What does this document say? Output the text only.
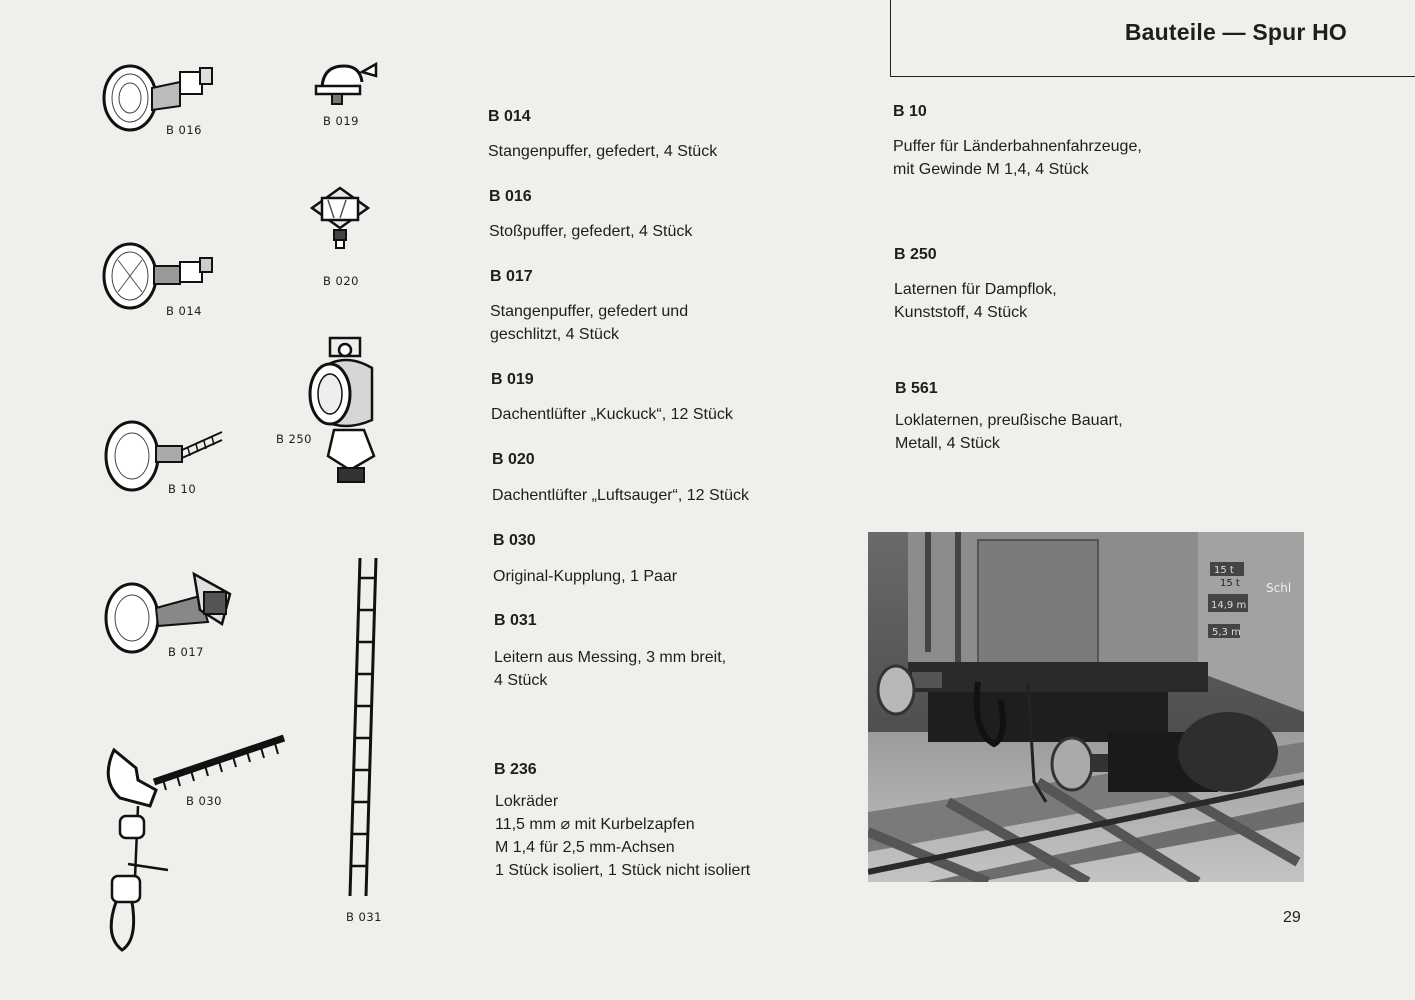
Bauteile — Spur HO
B 016
B 019
B 020
B 014
B 250
B 10
B 017
B 030
B 031
B 014
Stangenpuffer, gefedert, 4 Stück
B 016
Stoßpuffer, gefedert, 4 Stück
B 017
Stangenpuffer, gefedert und
geschlitzt, 4 Stück
B 019
Dachentlüfter „Kuckuck“, 12 Stück
B 020
Dachentlüfter „Luftsauger“, 12 Stück
B 030
Original-Kupplung, 1 Paar
B 031
Leitern aus Messing, 3 mm breit,
4 Stück
B 236
Lokräder
11,5 mm ⌀ mit Kurbelzapfen
M 1,4 für 2,5 mm-Achsen
1 Stück isoliert, 1 Stück nicht isoliert
B 10
Puffer für Länderbahnenfahrzeuge,
mit Gewinde M 1,4, 4 Stück
B 250
Laternen für Dampflok,
Kunststoff, 4 Stück
B 561
Loklaternen, preußische Bauart,
Metall, 4 Stück
15 t
15 t
14,9 m
5,3 m
Schl
29
